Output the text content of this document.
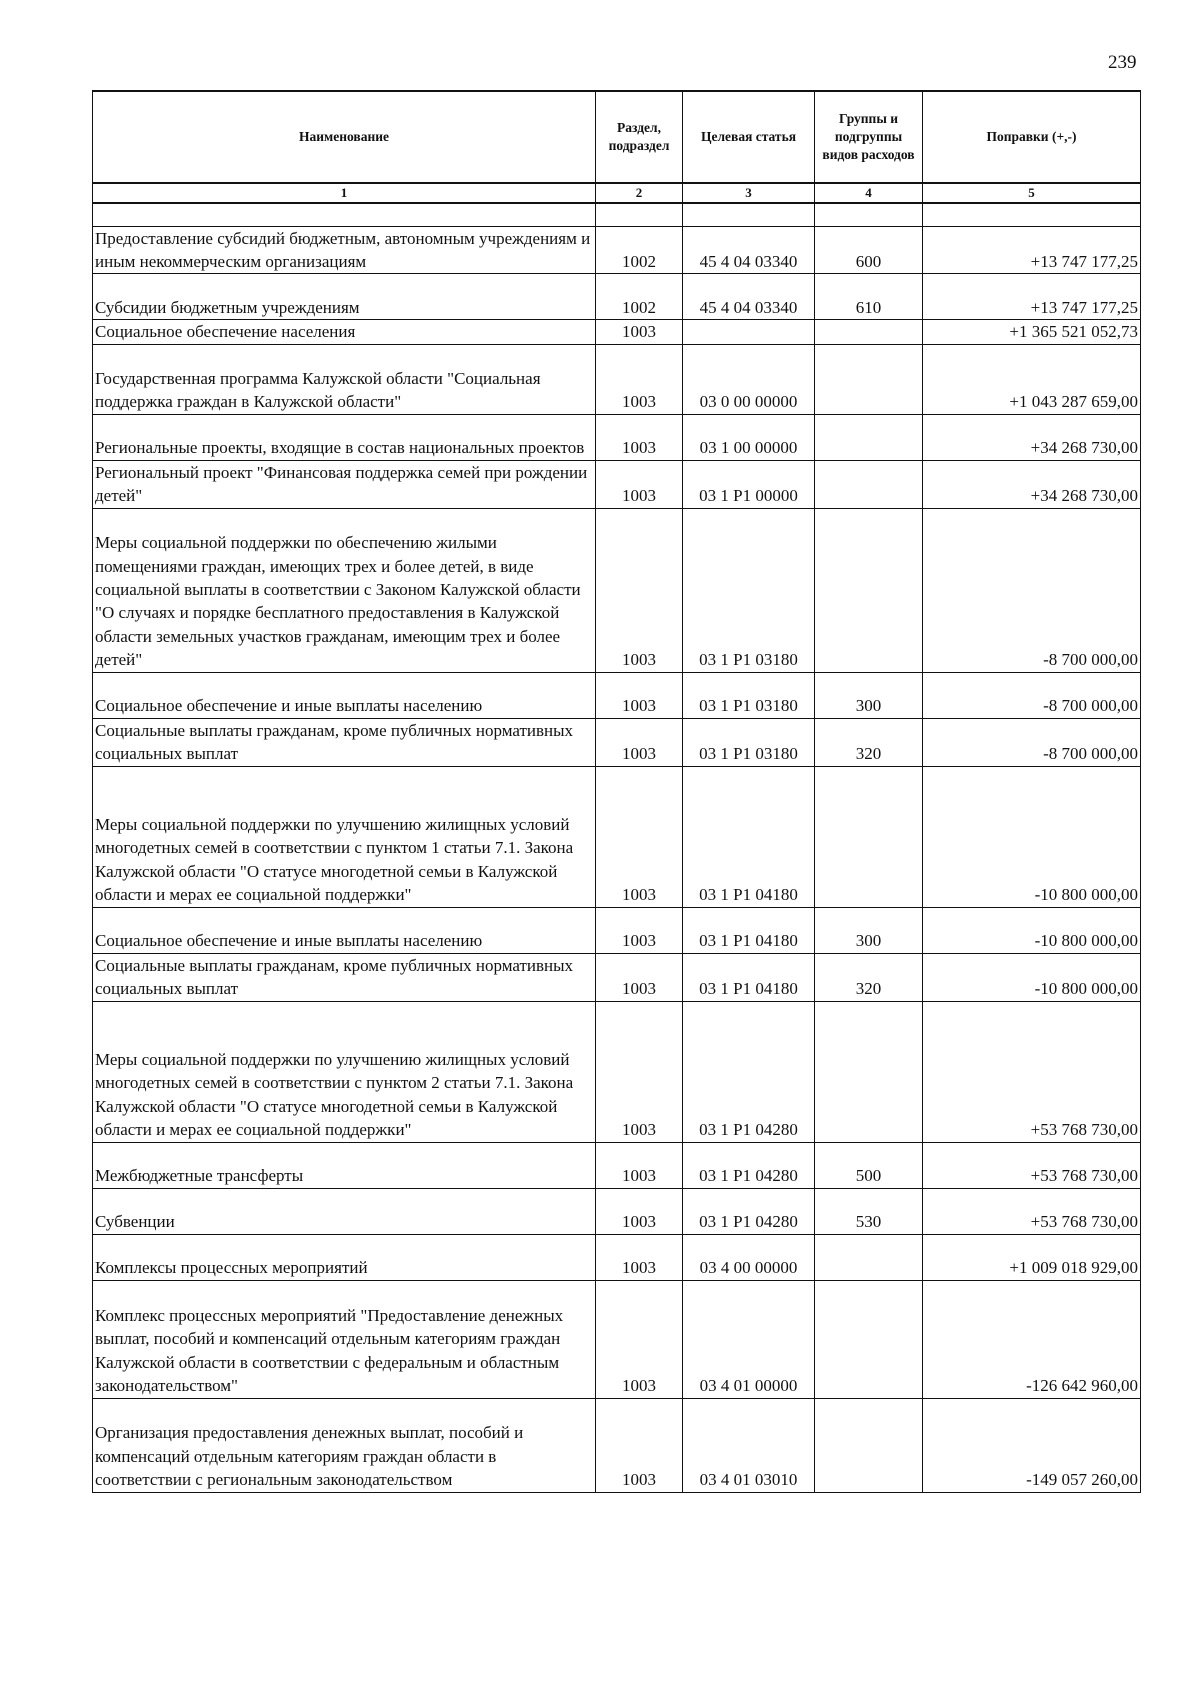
239
Наименование	Раздел, подраздел	Целевая статья	Группы и подгруппы видов расходов	Поправки (+,-)
1	2	3	4	5

Предоставление субсидий бюджетным, автономным учреждениям и иным некоммерческим организациям	1002	45 4 04 03340	600	+13 747 177,25
Субсидии бюджетным учреждениям	1002	45 4 04 03340	610	+13 747 177,25
Социальное обеспечение населения	1003			+1 365 521 052,73
Государственная программа Калужской области "Социальная поддержка граждан в Калужской области"	1003	03 0 00 00000		+1 043 287 659,00
Региональные проекты, входящие в состав национальных проектов	1003	03 1 00 00000		+34 268 730,00
Региональный проект "Финансовая поддержка семей при рождении детей"	1003	03 1 P1 00000		+34 268 730,00
Меры социальной поддержки по обеспечению жилыми помещениями граждан, имеющих трех и более детей, в виде социальной выплаты в соответствии с Законом Калужской области "О случаях и порядке бесплатного предоставления в Калужской области земельных участков гражданам, имеющим трех и более детей"	1003	03 1 P1 03180		-8 700 000,00
Социальное обеспечение и иные выплаты населению	1003	03 1 P1 03180	300	-8 700 000,00
Социальные выплаты гражданам, кроме публичных нормативных социальных выплат	1003	03 1 P1 03180	320	-8 700 000,00
Меры социальной поддержки по улучшению жилищных условий многодетных семей в соответствии с пунктом 1 статьи 7.1. Закона Калужской области "О статусе многодетной семьи в Калужской области и мерах ее социальной поддержки"	1003	03 1 P1 04180		-10 800 000,00
Социальное обеспечение и иные выплаты населению	1003	03 1 P1 04180	300	-10 800 000,00
Социальные выплаты гражданам, кроме публичных нормативных социальных выплат	1003	03 1 P1 04180	320	-10 800 000,00
Меры социальной поддержки по улучшению жилищных условий многодетных семей в соответствии с пунктом 2 статьи 7.1. Закона Калужской области "О статусе многодетной семьи в Калужской области и мерах ее социальной поддержки"	1003	03 1 P1 04280		+53 768 730,00
Межбюджетные трансферты	1003	03 1 P1 04280	500	+53 768 730,00
Субвенции	1003	03 1 P1 04280	530	+53 768 730,00
Комплексы процессных мероприятий	1003	03 4 00 00000		+1 009 018 929,00
Комплекс процессных мероприятий "Предоставление денежных выплат, пособий и компенсаций отдельным категориям граждан Калужской области в соответствии с федеральным и областным законодательством"	1003	03 4 01 00000		-126 642 960,00
Организация предоставления денежных выплат, пособий и компенсаций отдельным категориям граждан области в соответствии с региональным законодательством	1003	03 4 01 03010		-149 057 260,00
